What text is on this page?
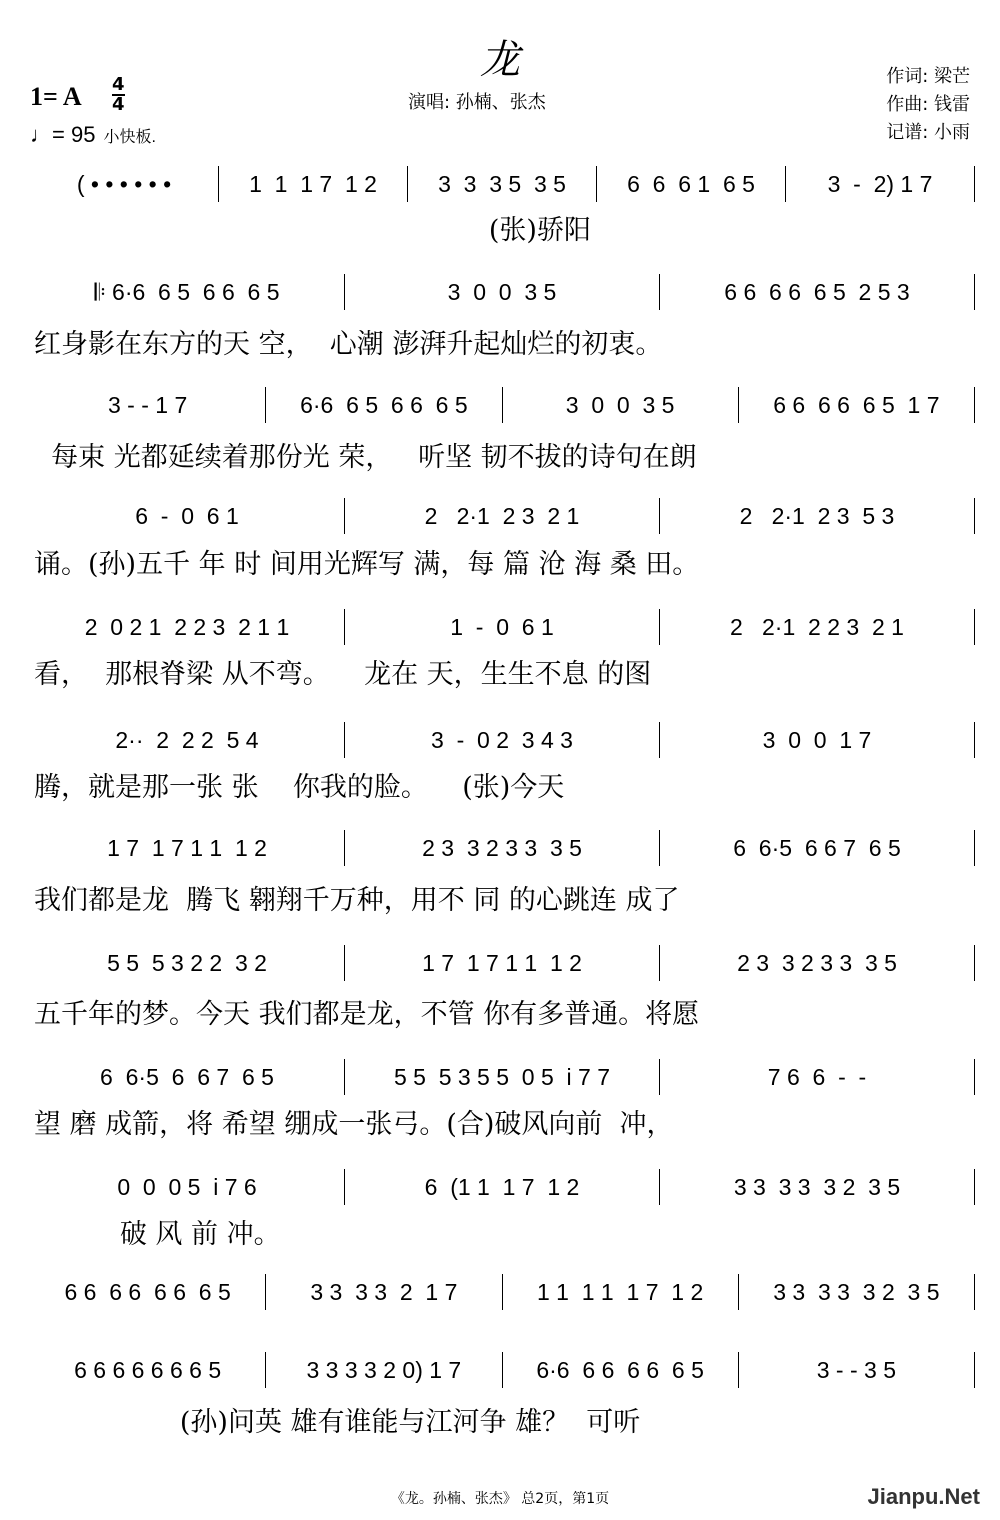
龙
1= A 4
4
♩= 95 小快板.
演唱: 孙楠、张杰
作词: 梁芒
作曲: 钱雷
记谱: 小雨
( • • • • • •	1  1  1 7  1 2	3  3  3 5  3 5	6  6  6 1  6 5	3  -  2) 1 7
(张)骄阳
𝄆 6·6  6 5  6 6  6 5	3  0  0  3 5	6 6  6 6  6 5  2 5 3
红身影在东方的天 空，  心潮 澎湃升起灿烂的初衷。
3 - - 1 7	6·6  6 5  6 6  6 5	3  0  0  3 5	6 6  6 6  6 5  1 7
每束 光都延续着那份光 荣，   听坚 韧不拔的诗句在朗
6  -  0  6 1	2   2·1  2 3  2 1	2   2·1  2 3  5 3
诵。(孙)五千 年 时 间用光辉写 满，每 篇 沧 海 桑 田。
2  0 2 1  2 2 3  2 1 1	1  -  0  6 1	2   2·1  2 2 3  2 1
看，  那根脊梁 从不弯。    龙在 天，生生不息 的图
2··  2  2 2  5 4	3  -  0 2  3 4 3	3  0  0  1 7
腾，就是那一张 张    你我的脸。    (张)今天
1 7  1 7 1 1  1 2	2 3  3 2 3 3  3 5	6  6·5  6 6 7  6 5
我们都是龙  腾飞 翱翔千万种，用不 同 的心跳连 成了
5 5  5 3 2 2  3 2	1 7  1 7 1 1  1 2	2 3  3 2 3 3  3 5
五千年的梦。今天 我们都是龙，不管 你有多普通。将愿
6  6·5  6  6 7  6 5	5 5  5 3 5 5  0 5  i 7 7	7 6  6  -  -
望 磨 成箭，将 希望 绷成一张弓。(合)破风向前  冲，
0  0  0 5  i 7 6	6  (1 1  1 7  1 2	3 3  3 3  3 2  3 5
破 风 前 冲。
6 6  6 6  6 6  6 5	3 3  3 3  2  1 7	1 1  1 1  1 7  1 2	3 3  3 3  3 2  3 5
6 6 6 6 6 6 6 5	3 3 3 3 2 0) 1 7	6·6  6 6  6 6  6 5	3 - - 3 5
(孙)问英 雄有谁能与江河争 雄？  可听
《龙。孙楠、张杰》 总2页，第1页	Jianpu.Net
